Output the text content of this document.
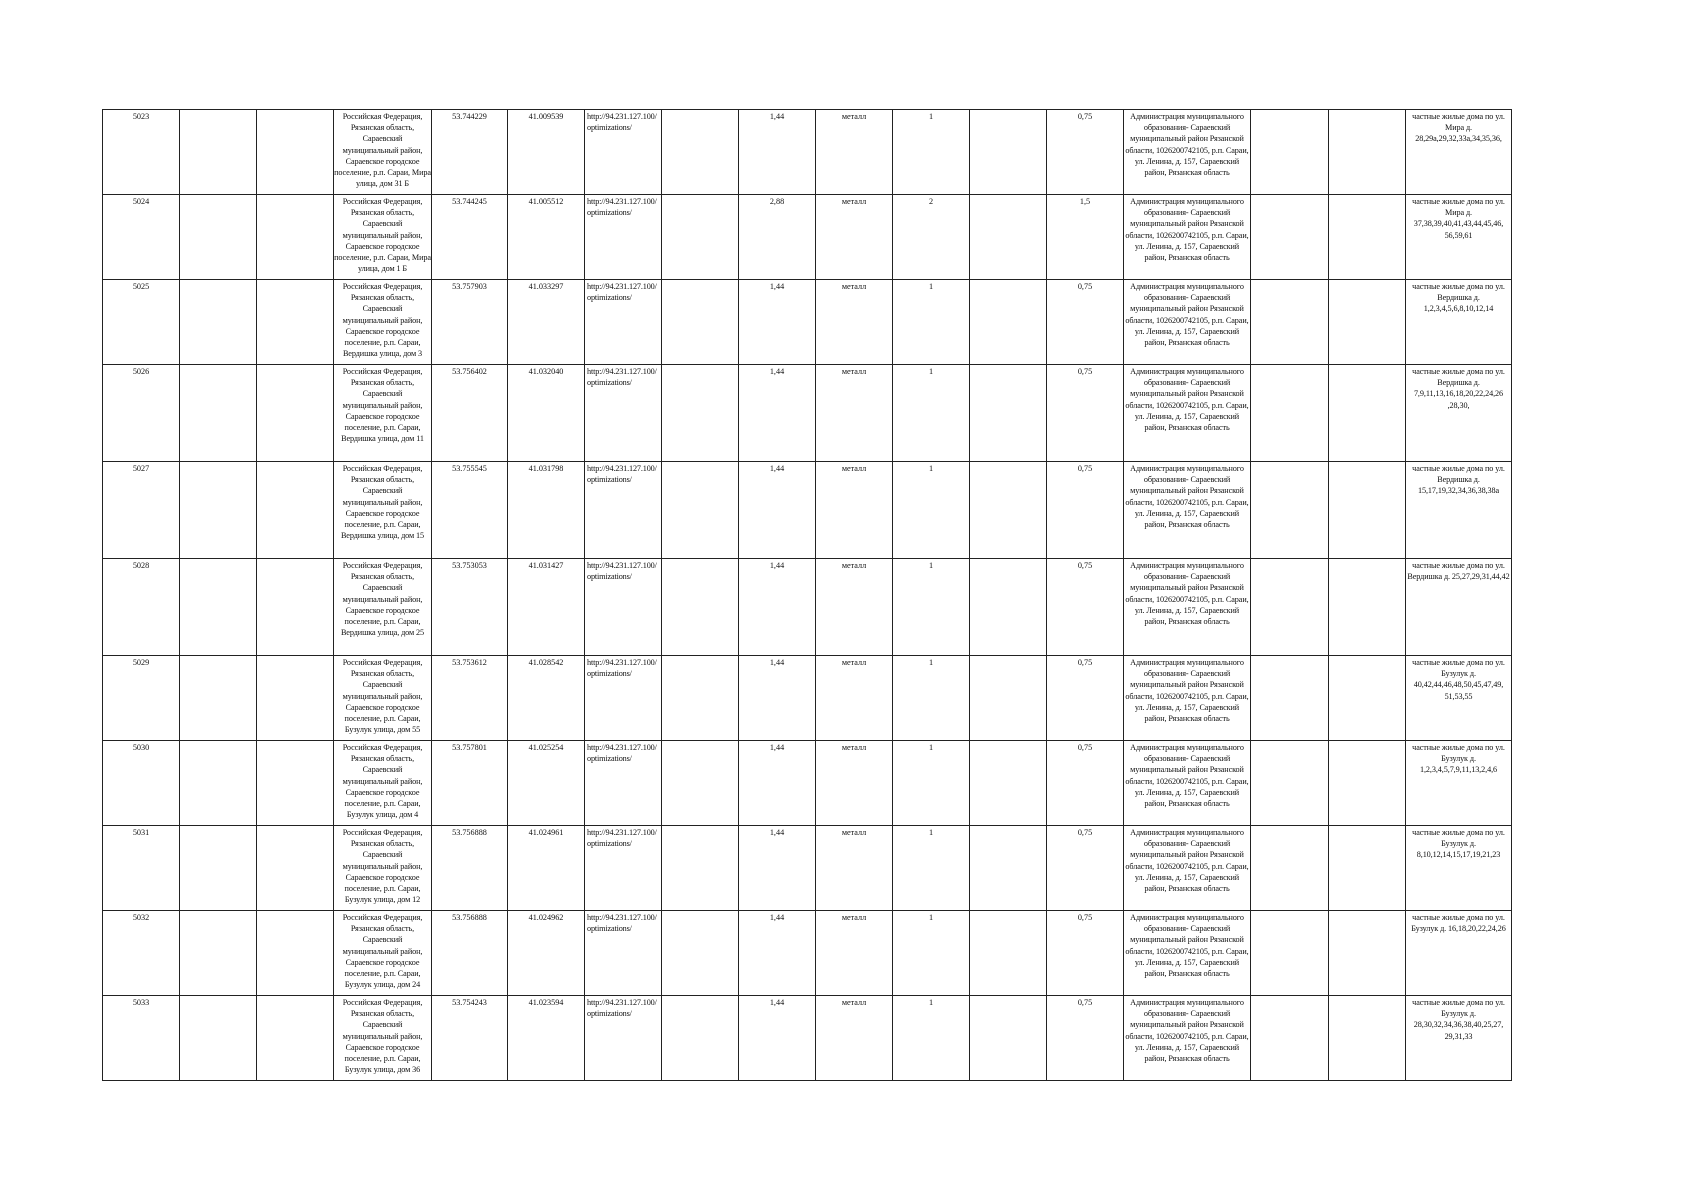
5023			Российская Федерация, Рязанская область, Сараевский муниципальный район, Сараевское городское поселение, р.п. Сараи, Мира улица, дом 31 Б	53.744229	41.009539	http://94.231.127.100/optimizations/		1,44	металл	1		0,75	Администрация муниципального образования- Сараевский муниципальный район Рязанской области, 1026200742105, р.п. Сараи, ул. Ленина, д. 157, Сараевский район, Рязанская область			частные жилые дома по ул. Мира д. 28,29а,29,32,33а,34,35,36,

5024			Российская Федерация, Рязанская область, Сараевский муниципальный район, Сараевское городское поселение, р.п. Сараи, Мира улица, дом 1 Б	53.744245	41.005512	http://94.231.127.100/optimizations/		2,88	металл	2		1,5	Администрация муниципального образования- Сараевский муниципальный район Рязанской области, 1026200742105, р.п. Сараи, ул. Ленина, д. 157, Сараевский район, Рязанская область			частные жилые дома по ул. Мира д. 37,38,39,40,41,43,44,45,46, 56,59,61

5025			Российская Федерация, Рязанская область, Сараевский муниципальный район, Сараевское городское поселение, р.п. Сараи, Вердишка улица, дом 3	53.757903	41.033297	http://94.231.127.100/optimizations/		1,44	металл	1		0,75	Администрация муниципального образования- Сараевский муниципальный район Рязанской области, 1026200742105, р.п. Сараи, ул. Ленина, д. 157, Сараевский район, Рязанская область			частные жилые дома по ул. Вердишка д. 1,2,3,4,5,6,8,10,12,14

5026			Российская Федерация, Рязанская область, Сараевский муниципальный район, Сараевское городское поселение, р.п. Сараи, Вердишка улица, дом 11	53.756402	41.032040	http://94.231.127.100/optimizations/		1,44	металл	1		0,75	Администрация муниципального образования- Сараевский муниципальный район Рязанской области, 1026200742105, р.п. Сараи, ул. Ленина, д. 157, Сараевский район, Рязанская область			частные жилые дома по ул. Вердишка д. 7,9,11,13,16,18,20,22,24,26 ,28,30,

5027			Российская Федерация, Рязанская область, Сараевский муниципальный район, Сараевское городское поселение, р.п. Сараи, Вердишка улица, дом 15	53.755545	41.031798	http://94.231.127.100/optimizations/		1,44	металл	1		0,75	Администрация муниципального образования- Сараевский муниципальный район Рязанской области, 1026200742105, р.п. Сараи, ул. Ленина, д. 157, Сараевский район, Рязанская область			частные жилые дома по ул. Вердишка д. 15,17,19,32,34,36,38,38а

5028			Российская Федерация, Рязанская область, Сараевский муниципальный район, Сараевское городское поселение, р.п. Сараи, Вердишка улица, дом 25	53.753053	41.031427	http://94.231.127.100/optimizations/		1,44	металл	1		0,75	Администрация муниципального образования- Сараевский муниципальный район Рязанской области, 1026200742105, р.п. Сараи, ул. Ленина, д. 157, Сараевский район, Рязанская область			частные жилые дома по ул. Вердишка д. 25,27,29,31,44,42

5029			Российская Федерация, Рязанская область, Сараевский муниципальный район, Сараевское городское поселение, р.п. Сараи, Бузулук улица, дом 55	53.753612	41.028542	http://94.231.127.100/optimizations/		1,44	металл	1		0,75	Администрация муниципального образования- Сараевский муниципальный район Рязанской области, 1026200742105, р.п. Сараи, ул. Ленина, д. 157, Сараевский район, Рязанская область			частные жилые дома по ул. Бузулук д. 40,42,44,46,48,50,45,47,49, 51,53,55

5030			Российская Федерация, Рязанская область, Сараевский муниципальный район, Сараевское городское поселение, р.п. Сараи, Бузулук улица, дом 4	53.757801	41.025254	http://94.231.127.100/optimizations/		1,44	металл	1		0,75	Администрация муниципального образования- Сараевский муниципальный район Рязанской области, 1026200742105, р.п. Сараи, ул. Ленина, д. 157, Сараевский район, Рязанская область			частные жилые дома по ул. Бузулук д. 1,2,3,4,5,7,9,11,13,2,4,6

5031			Российская Федерация, Рязанская область, Сараевский муниципальный район, Сараевское городское поселение, р.п. Сараи, Бузулук улица, дом 12	53.756888	41.024961	http://94.231.127.100/optimizations/		1,44	металл	1		0,75	Администрация муниципального образования- Сараевский муниципальный район Рязанской области, 1026200742105, р.п. Сараи, ул. Ленина, д. 157, Сараевский район, Рязанская область			частные жилые дома по ул. Бузулук д. 8,10,12,14,15,17,19,21,23

5032			Российская Федерация, Рязанская область, Сараевский муниципальный район, Сараевское городское поселение, р.п. Сараи, Бузулук улица, дом 24	53.756888	41.024962	http://94.231.127.100/optimizations/		1,44	металл	1		0,75	Администрация муниципального образования- Сараевский муниципальный район Рязанской области, 1026200742105, р.п. Сараи, ул. Ленина, д. 157, Сараевский район, Рязанская область			частные жилые дома по ул. Бузулук д. 16,18,20,22,24,26

5033			Российская Федерация, Рязанская область, Сараевский муниципальный район, Сараевское городское поселение, р.п. Сараи, Бузулук улица, дом 36	53.754243	41.023594	http://94.231.127.100/optimizations/		1,44	металл	1		0,75	Администрация муниципального образования- Сараевский муниципальный район Рязанской области, 1026200742105, р.п. Сараи, ул. Ленина, д. 157, Сараевский район, Рязанская область			частные жилые дома по ул. Бузулук д. 28,30,32,34,36,38,40,25,27, 29,31,33
